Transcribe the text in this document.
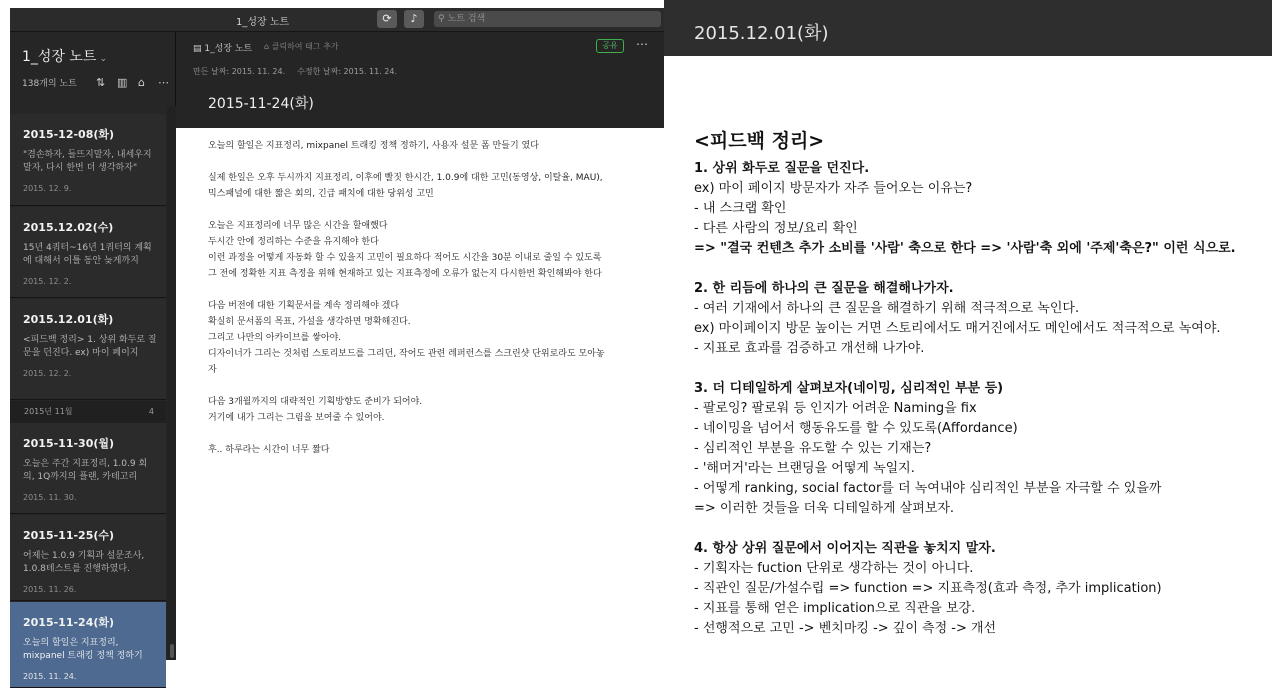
1_성장 노트	⟳	♪	⚲ 노트 검색
1_성장 노트 ⌄
138개의 노트 ⇅ ▥ ⌂ ⋯
2015-12-08(화)
"겸손하자, 들뜨지말자, 내세우지말자, 다시 한번 더 생각하자"
2015. 12. 9.
2015.12.02(수)
15년 4쿼터~16년 1쿼터의 계획에 대해서 이틀 동안 늦게까지
2015. 12. 2.
2015.12.01(화)
<피드백 정리> 1. 상위 화두로 질문을 던진다. ex) 마이 페이지
2015. 12. 2.
2015년 11월	4
2015-11-30(월)
오늘은 주간 지표정리, 1.0.9 회의, 1Q까지의 플랜, 카테고리
2015. 11. 30.
2015-11-25(수)
어제는 1.0.9 기획과 설문조사, 1.0.8테스트를 진행하였다.
2015. 11. 26.
2015-11-24(화)
오늘의 할일은 지표정리, mixpanel 트래킹 정책 정하기
2015. 11. 24.
▤ 1_성장 노트 ⌂ 클릭하여 태그 추가	공유	⋯
만든 날짜: 2015. 11. 24. 수정한 날짜: 2015. 11. 24.
2015-11-24(화)

오늘의 할일은 지표정리, mixpanel 트래킹 정책 정하기, 사용자 설문 폼 만들기 였다

실제 한일은 오후 두시까지 지표정리, 이후에 빨짓 한시간, 1.0.9에 대한 고민(동영상, 이탈율, MAU),
믹스패널에 대한 짧은 회의, 긴급 패치에 대한 당위성 고민

오늘은 지표정리에 너무 많은 시간을 할애했다
두시간 안에 정리하는 수준을 유지해야 한다
이런 과정을 어떻게 자동화 할 수 있을지 고민이 필요하다 적어도 시간을 30분 이내로 줄일 수 있도록
그 전에 정확한 지표 측정을 위해 현재하고 있는 지표측정에 오류가 없는지 다시한번 확인해봐야 한다

다음 버전에 대한 기획문서를 계속 정리해야 겠다
확실히 문서폼의 목표, 가설을 생각하면 명확해진다.
그리고 나만의 아카이브를 쌓아야.
디자이너가 그리는 것처럼 스토리보드를 그리던, 작어도 관련 레퍼런스를 스크린샷 단위로라도 모아놓
자

다음 3개월까지의 대략적인 기획방향도 준비가 되어야.
거기에 내가 그리는 그림을 보여줄 수 있어야.

후.. 하루라는 시간이 너무 짧다

2015.12.01(화)
<피드백 정리>
1. 상위 화두로 질문을 던진다.
ex) 마이 페이지 방문자가 자주 들어오는 이유는?
- 내 스크랩 확인
- 다른 사람의 정보/요리 확인
=> "결국 컨텐츠 추가 소비를 '사람' 축으로 한다 => '사람'축 외에 '주제'축은?" 이런 식으로.
2. 한 리듬에 하나의 큰 질문을 해결해나가자.
- 여러 기재에서 하나의 큰 질문을 해결하기 위해 적극적으로 녹인다.
ex) 마이페이지 방문 높이는 거면 스토리에서도 매거진에서도 메인에서도 적극적으로 녹여야.
- 지표로 효과를 검증하고 개선해 나가야.
3. 더 디테일하게 살펴보자(네이밍, 심리적인 부분 등)
- 팔로잉? 팔로워 등 인지가 어려운 Naming을 fix
- 네이밍을 넘어서 행동유도를 할 수 있도록(Affordance)
- 심리적인 부분을 유도할 수 있는 기재는?
- '해머거'라는 브랜딩을 어떻게 녹일지.
- 어떻게 ranking, social factor를 더 녹여내야 심리적인 부분을 자극할 수 있을까
=> 이러한 것들을 더욱 디테일하게 살펴보자.
4. 항상 상위 질문에서 이어지는 직관을 놓치지 말자.
- 기획자는 fuction 단위로 생각하는 것이 아니다.
- 직관인 질문/가설수립 => function => 지표측정(효과 측정, 추가 implication)
- 지표를 통해 얻은 implication으로 직관을 보강.
- 선행적으로 고민 -> 벤치마킹 -> 깊이 측정 -> 개선
